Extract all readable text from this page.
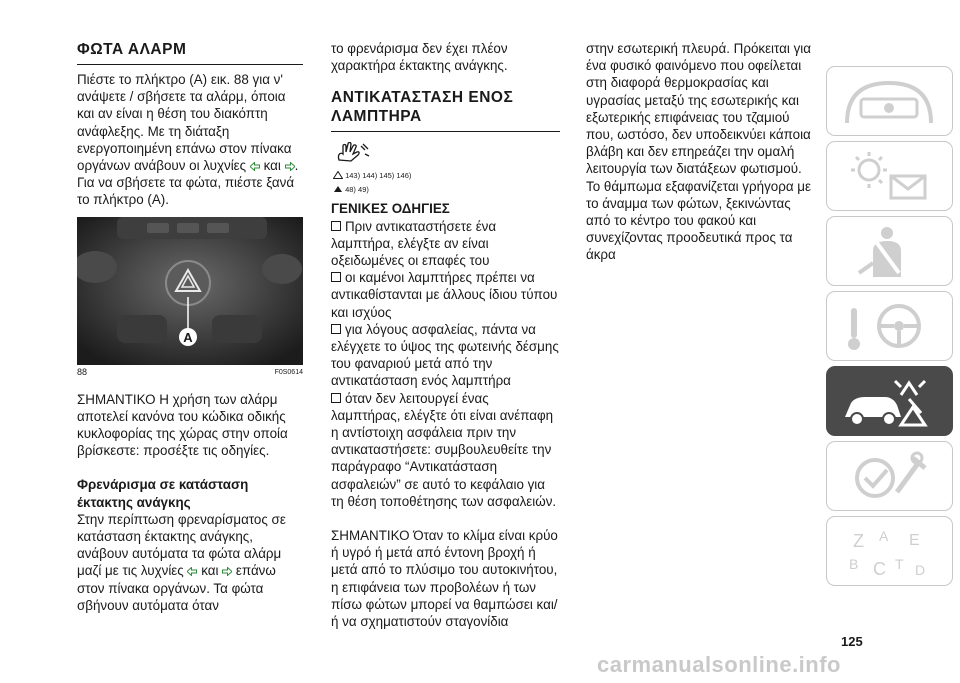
ΦΩΤΑ ΑΛΑΡΜ

Πιέστε το πλήκτρο (A) εικ. 88 για ν' ανάψετε / σβήσετε τα αλάρμ, όποια και αν είναι η θέση του διακόπτη ανάφλεξης. Με τη διάταξη ενεργοποιημένη επάνω στον πίνακα οργάνων ανάβουν οι λυχνίες και . Για να σβήσετε τα φώτα, πιέστε ξανά το πλήκτρο (A).

A
88	F0S0614

ΣΗΜΑΝΤΙΚΟ Η χρήση των αλάρμ αποτελεί κανόνα του κώδικα οδικής κυκλοφορίας της χώρας στην οποία βρίσκεστε: προσέξτε τις οδηγίες.

Φρενάρισμα σε κατάσταση έκτακτης ανάγκης

Στην περίπτωση φρεναρίσματος σε κατάσταση έκτακτης ανάγκης, ανάβουν αυτόματα τα φώτα αλάρμ μαζί με τις λυχνίες και επάνω στον πίνακα οργάνων. Τα φώτα σβήνουν αυτόματα όταν

το φρενάρισμα δεν έχει πλέον χαρακτήρα έκτακτης ανάγκης.

ΑΝΤΙΚΑΤΑΣΤΑΣΗ ΕΝΟΣ ΛΑΜΠΤΗΡΑ

143) 144) 145) 146)
48) 49)

ΓΕΝΙΚΕΣ ΟΔΗΓΙΕΣ

Πριν αντικαταστήσετε ένα λαμπτήρα, ελέγξτε αν είναι οξειδωμένες οι επαφές του

οι καμένοι λαμπτήρες πρέπει να αντικαθίστανται με άλλους ίδιου τύπου και ισχύος

για λόγους ασφαλείας, πάντα να ελέγχετε το ύψος της φωτεινής δέσμης του φαναριού μετά από την αντικατάσταση ενός λαμπτήρα

όταν δεν λειτουργεί ένας λαμπτήρας, ελέγξτε ότι είναι ανέπαφη η αντίστοιχη ασφάλεια πριν την αντικαταστήσετε: συμβουλευθείτε την παράγραφο “Αντικατάσταση ασφαλειών” σε αυτό το κεφάλαιο για τη θέση τοποθέτησης των ασφαλειών.

ΣΗΜΑΝΤΙΚΟ Όταν το κλίμα είναι κρύο ή υγρό ή μετά από έντονη βροχή ή μετά από το πλύσιμο του αυτοκινήτου, η επιφάνεια των προβολέων ή των πίσω φώτων μπορεί να θαμπώσει και/ή να σχηματιστούν σταγονίδια

στην εσωτερική πλευρά. Πρόκειται για ένα φυσικό φαινόμενο που οφείλεται στη διαφορά θερμοκρασίας και υγρασίας μεταξύ της εσωτερικής και εξωτερικής επιφάνειας του τζαμιού που, ωστόσο, δεν υποδεικνύει κάποια βλάβη και δεν επηρεάζει την ομαλή λειτουργία των διατάξεων φωτισμού. Το θάμπωμα εξαφανίζεται γρήγορα με το άναμμα των φώτων, ξεκινώντας από το κέντρο του φακού και συνεχίζοντας προοδευτικά προς τα άκρα

Z A E
B C T D
125
carmanualsonline.info
